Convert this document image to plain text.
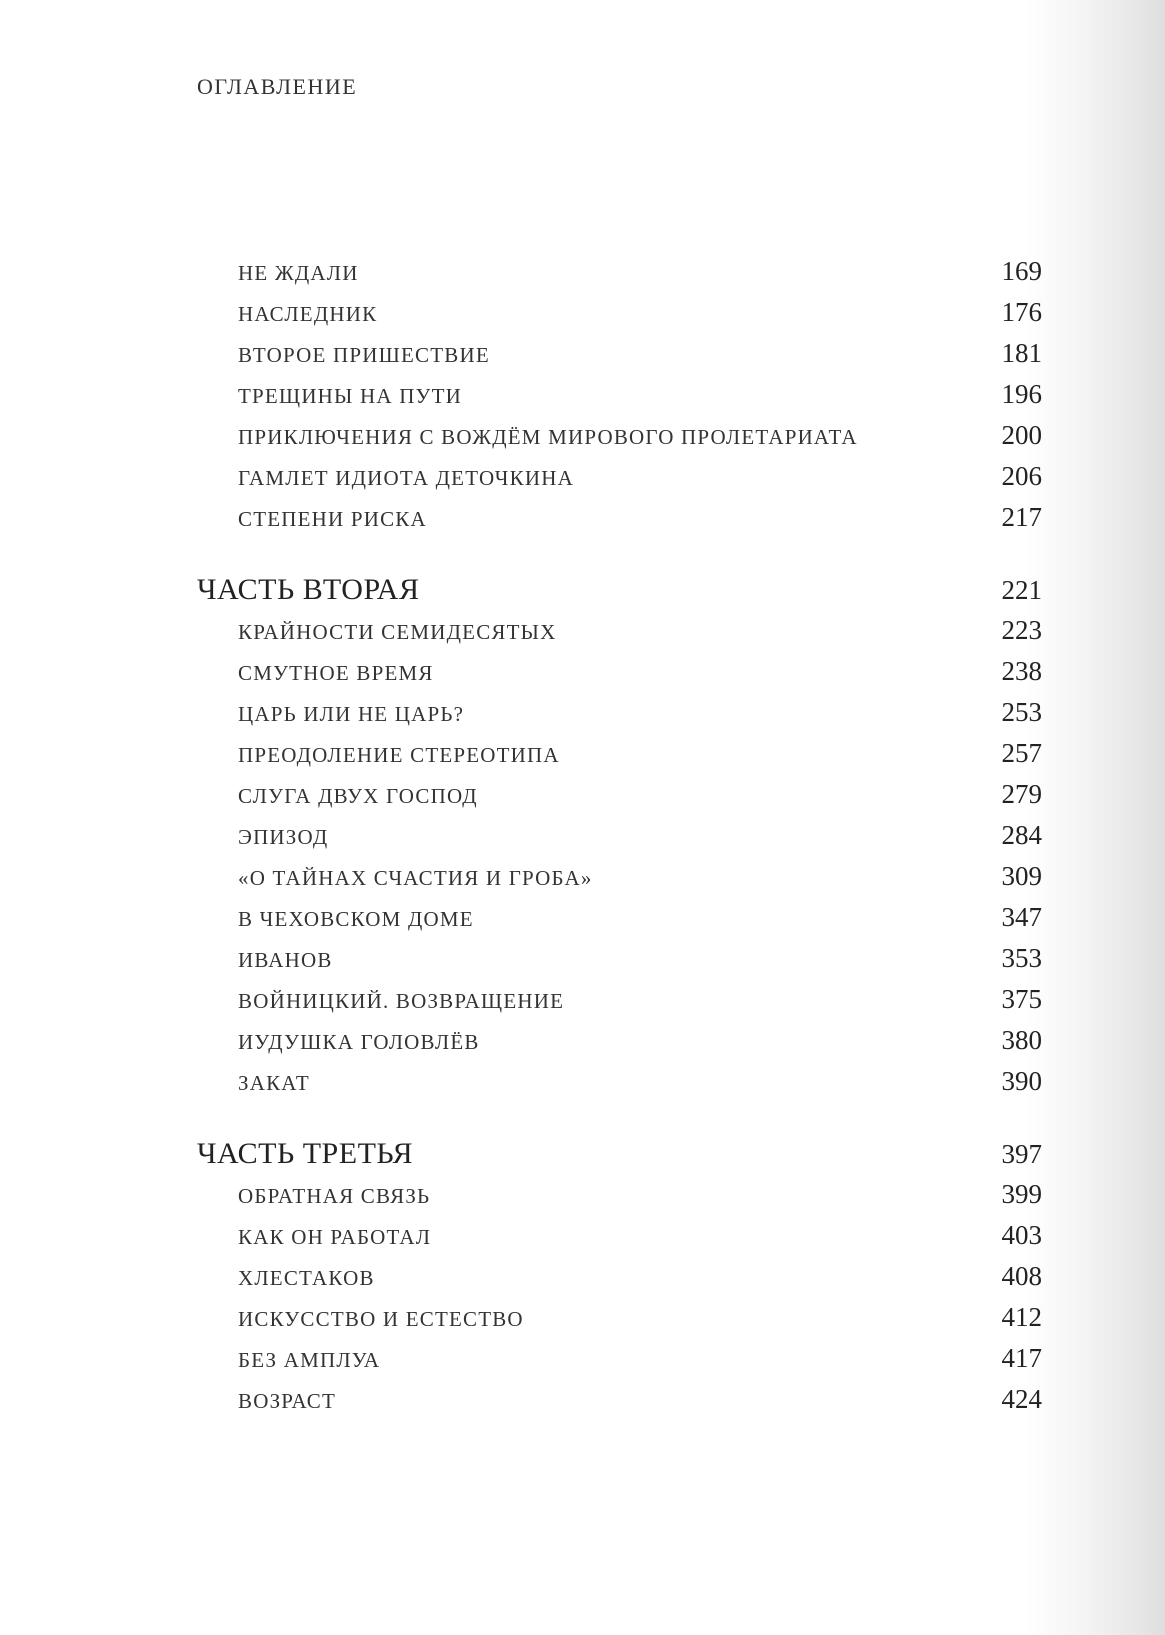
ОГЛАВЛЕНИЕ
НЕ ЖДАЛИ	169
НАСЛЕДНИК	176
ВТОРОЕ ПРИШЕСТВИЕ	181
ТРЕЩИНЫ НА ПУТИ	196
ПРИКЛЮЧЕНИЯ С ВОЖДЁМ МИРОВОГО ПРОЛЕТАРИАТА	200
ГАМЛЕТ ИДИОТА ДЕТОЧКИНА	206
СТЕПЕНИ РИСКА	217
ЧАСТЬ ВТОРАЯ	221
КРАЙНОСТИ СЕМИДЕСЯТЫХ	223
СМУТНОЕ ВРЕМЯ	238
ЦАРЬ ИЛИ НЕ ЦАРЬ?	253
ПРЕОДОЛЕНИЕ СТЕРЕОТИПА	257
СЛУГА ДВУХ ГОСПОД	279
ЭПИЗОД	284
«О ТАЙНАХ СЧАСТИЯ И ГРОБА»	309
В ЧЕХОВСКОМ ДОМЕ	347
ИВАНОВ	353
ВОЙНИЦКИЙ. ВОЗВРАЩЕНИЕ	375
ИУДУШКА ГОЛОВЛЁВ	380
ЗАКАТ	390
ЧАСТЬ ТРЕТЬЯ	397
ОБРАТНАЯ СВЯЗЬ	399
КАК ОН РАБОТАЛ	403
ХЛЕСТАКОВ	408
ИСКУССТВО И ЕСТЕСТВО	412
БЕЗ АМПЛУА	417
ВОЗРАСТ	424
